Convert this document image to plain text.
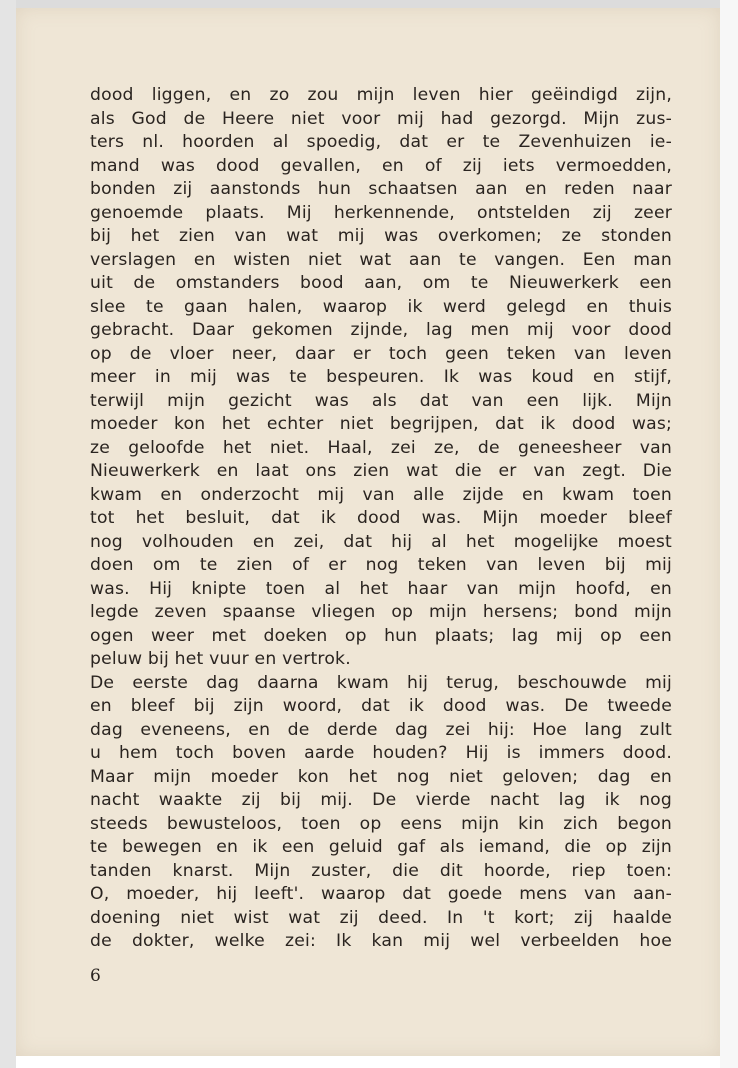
dood liggen, en zo zou mijn leven hier geëindigd zijn,
als God de Heere niet voor mij had gezorgd. Mijn zus-
ters nl. hoorden al spoedig, dat er te Zevenhuizen ie-
mand was dood gevallen, en of zij iets vermoedden,
bonden zij aanstonds hun schaatsen aan en reden naar
genoemde plaats. Mij herkennende, ontstelden zij zeer
bij het zien van wat mij was overkomen; ze stonden
verslagen en wisten niet wat aan te vangen. Een man
uit de omstanders bood aan, om te Nieuwerkerk een
slee te gaan halen, waarop ik werd gelegd en thuis
gebracht. Daar gekomen zijnde, lag men mij voor dood
op de vloer neer, daar er toch geen teken van leven
meer in mij was te bespeuren. Ik was koud en stijf,
terwijl mijn gezicht was als dat van een lijk. Mijn
moeder kon het echter niet begrijpen, dat ik dood was;
ze geloofde het niet. Haal, zei ze, de geneesheer van
Nieuwerkerk en laat ons zien wat die er van zegt. Die
kwam en onderzocht mij van alle zijde en kwam toen
tot het besluit, dat ik dood was. Mijn moeder bleef
nog volhouden en zei, dat hij al het mogelijke moest
doen om te zien of er nog teken van leven bij mij
was. Hij knipte toen al het haar van mijn hoofd, en
legde zeven spaanse vliegen op mijn hersens; bond mijn
ogen weer met doeken op hun plaats; lag mij op een
peluw bij het vuur en vertrok.
De eerste dag daarna kwam hij terug, beschouwde mij
en bleef bij zijn woord, dat ik dood was. De tweede
dag eveneens, en de derde dag zei hij: Hoe lang zult
u hem toch boven aarde houden? Hij is immers dood.
Maar mijn moeder kon het nog niet geloven; dag en
nacht waakte zij bij mij. De vierde nacht lag ik nog
steeds bewusteloos, toen op eens mijn kin zich begon
te bewegen en ik een geluid gaf als iemand, die op zijn
tanden knarst. Mijn zuster, die dit hoorde, riep toen:
O, moeder, hij leeft'. waarop dat goede mens van aan-
doening niet wist wat zij deed. In 't kort; zij haalde
de dokter, welke zei: Ik kan mij wel verbeelden hoe
6
